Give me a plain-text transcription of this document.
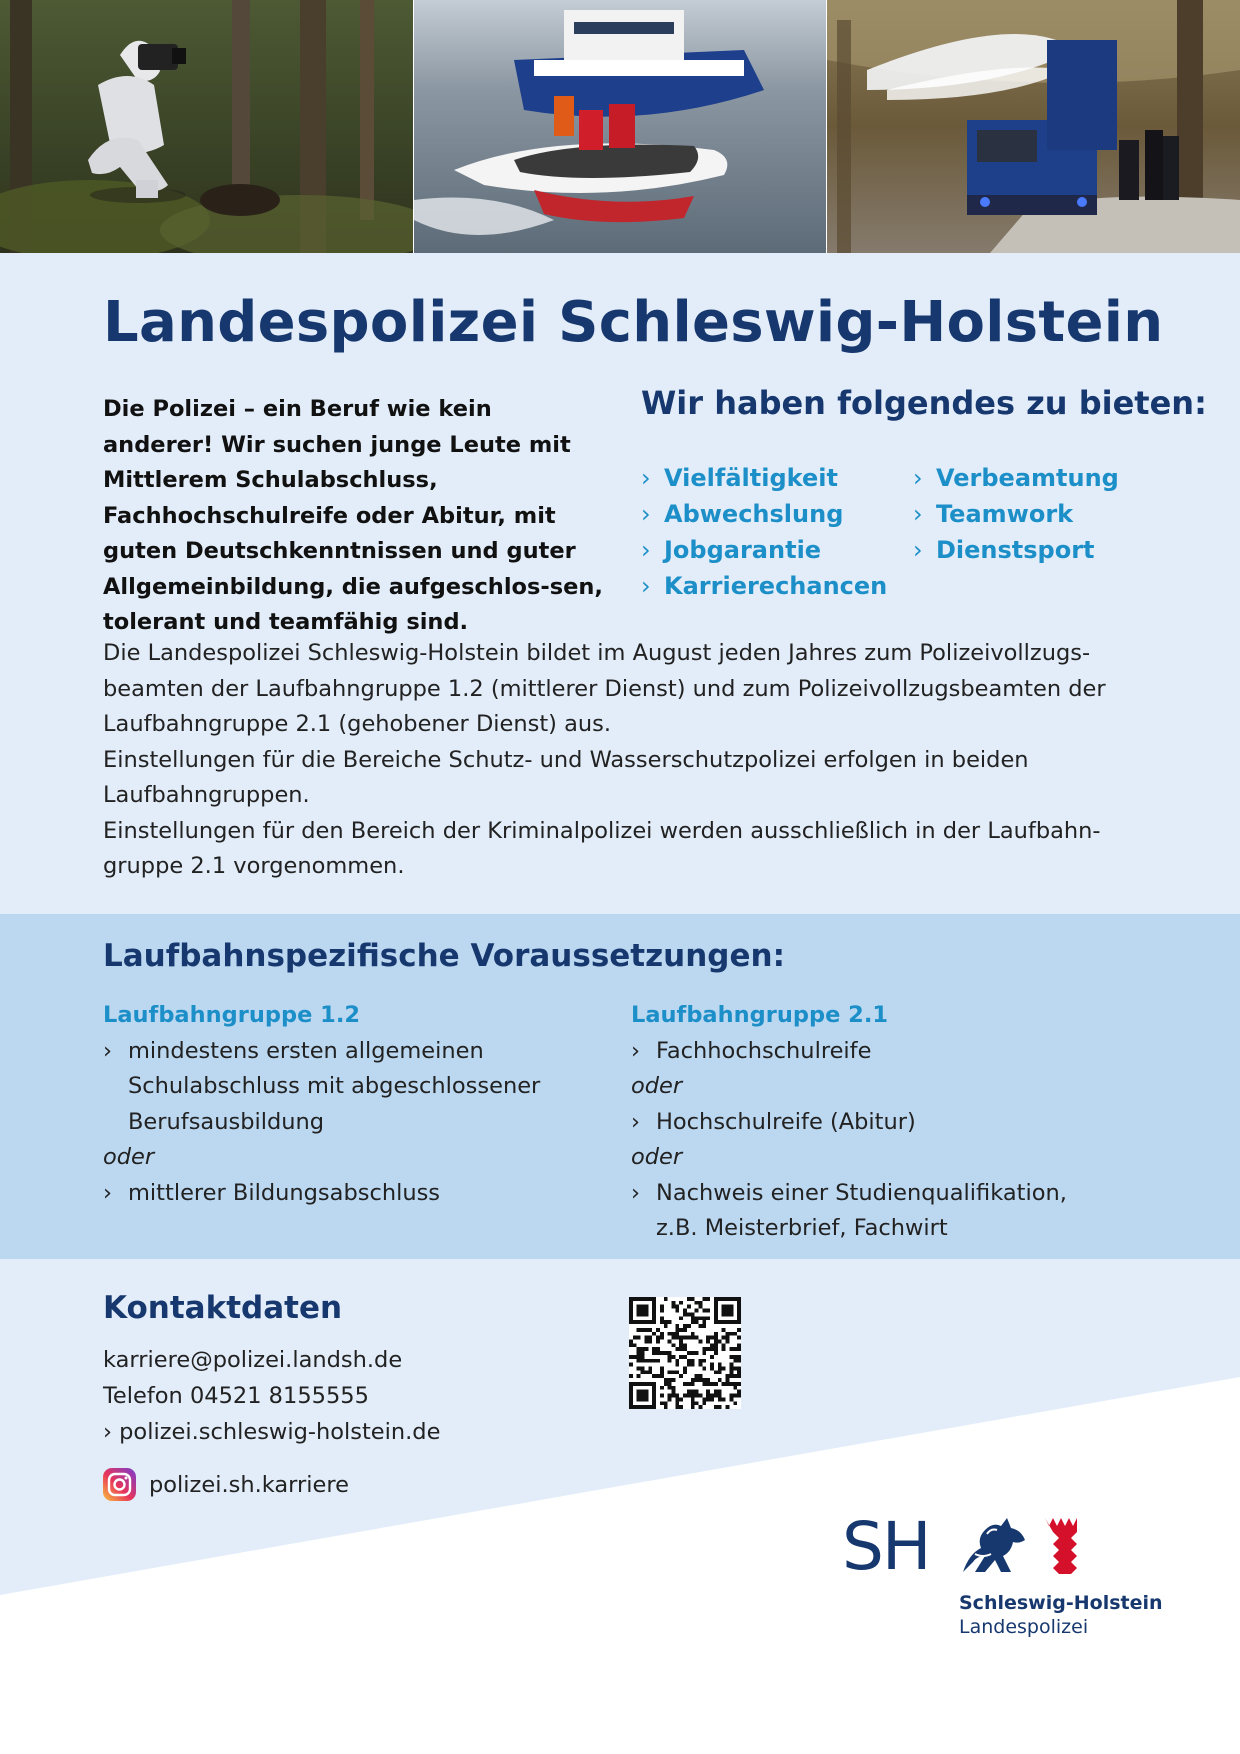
Landespolizei Schleswig-Holstein

Die Polizei – ein Beruf wie kein anderer! Wir suchen junge Leute mit Mittlerem Schulabschluss, Fachhochschulreife oder Abitur, mit guten Deutschkenntnissen und guter Allgemeinbildung, die aufgeschlos-sen, tolerant und teamfähig sind.

Wir haben folgendes zu bieten:
› Vielfältigkeit
› Abwechslung
› Jobgarantie
› Karrierechancen
› Verbeamtung
› Teamwork
› Dienstsport

Die Landespolizei Schleswig-Holstein bildet im August jeden Jahres zum Polizeivollzugs-beamten der Laufbahngruppe 1.2 (mittlerer Dienst) und zum Polizeivollzugsbeamten der Laufbahngruppe 2.1 (gehobener Dienst) aus.

Einstellungen für die Bereiche Schutz- und Wasserschutzpolizei erfolgen in beiden Laufbahngruppen.

Einstellungen für den Bereich der Kriminalpolizei werden ausschließlich in der Laufbahn-gruppe 2.1 vorgenommen.

Laufbahnspezifische Voraussetzungen:
Laufbahngruppe 1.2
› mindestens ersten allgemeinen Schulabschluss mit abgeschlossener Berufsausbildung
oder
› mittlerer Bildungsabschluss
Laufbahngruppe 2.1
› Fachhochschulreife
oder
› Hochschulreife (Abitur)
oder
› Nachweis einer Studienqualifikation, z.B. Meisterbrief, Fachwirt
Kontaktdaten
karriere@polizei.landsh.de
Telefon 04521 8155555
› polizei.schleswig-holstein.de
polizei.sh.karriere
SH
Schleswig-Holstein
Landespolizei
